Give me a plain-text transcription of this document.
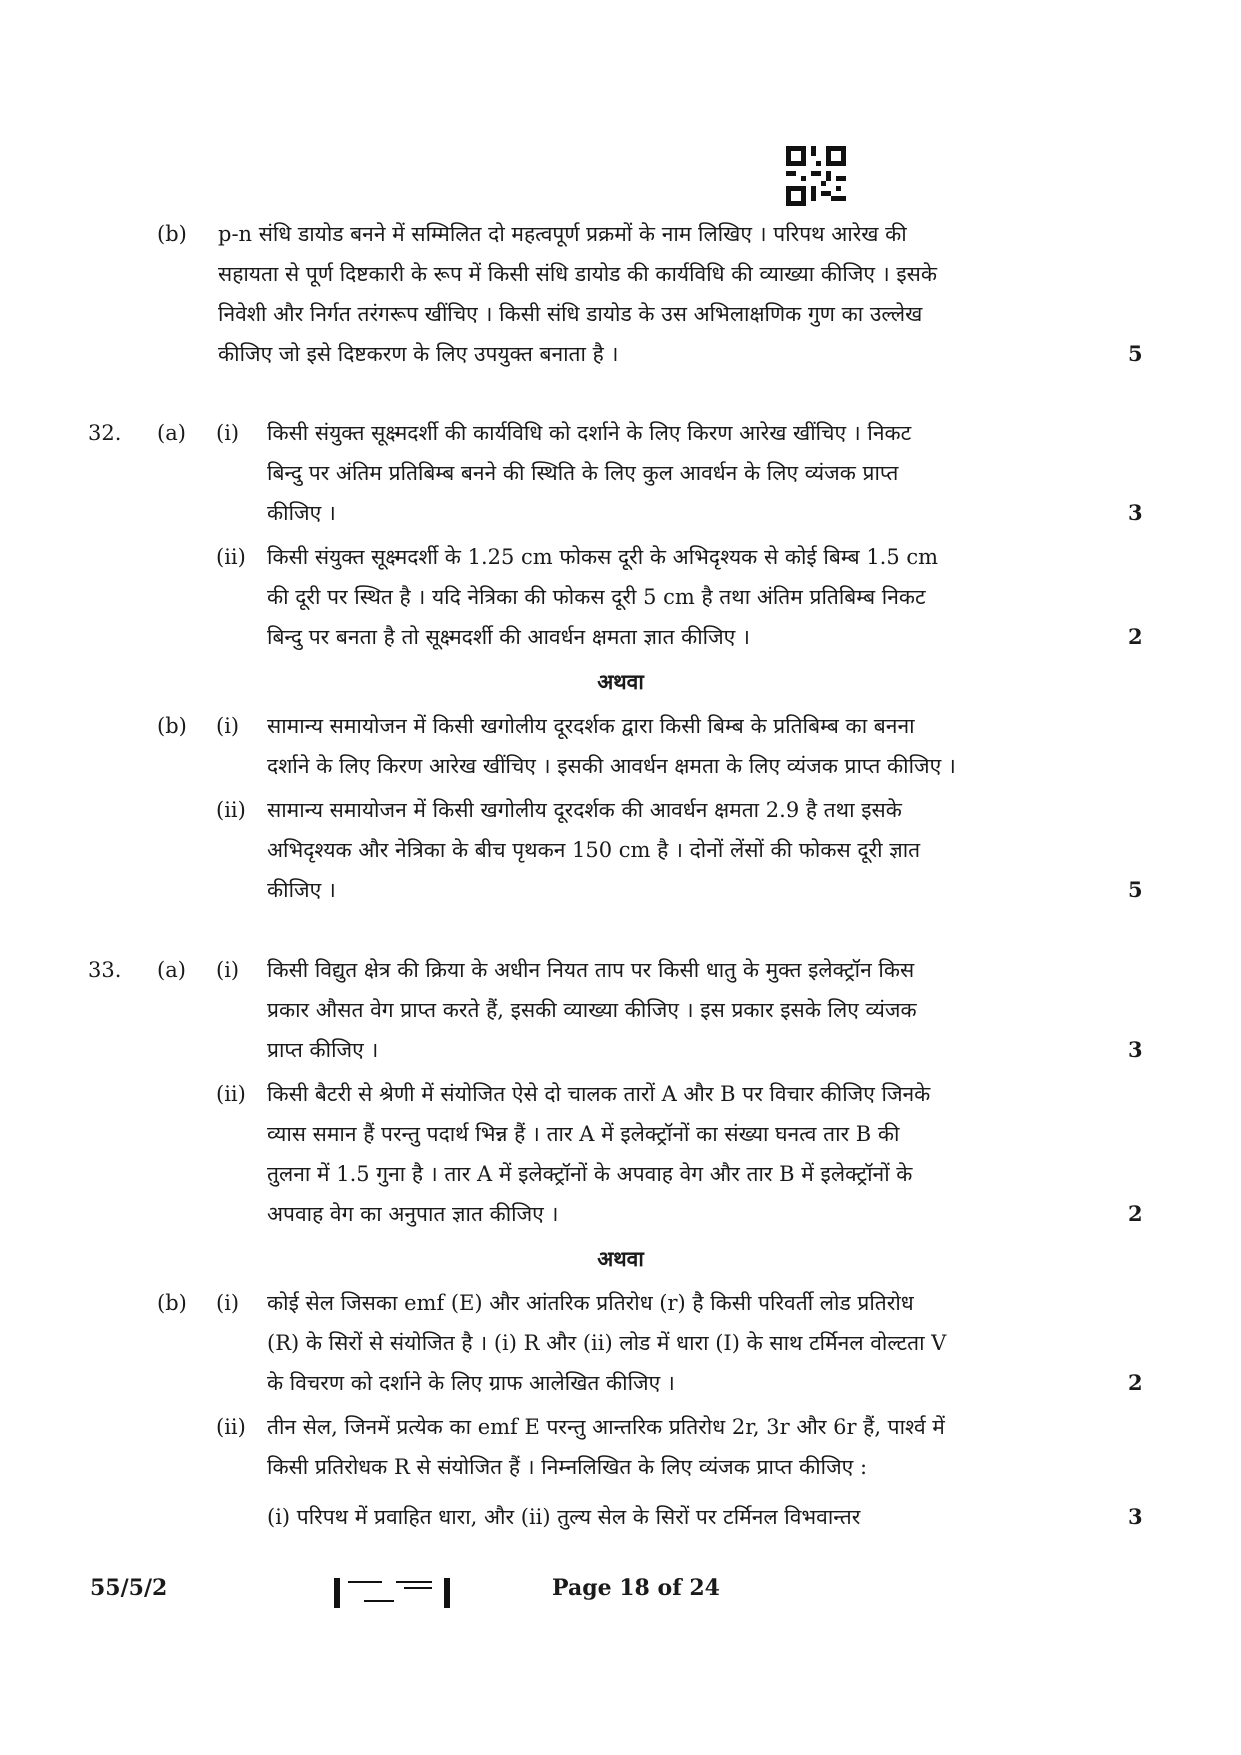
(b) p-n संधि डायोड बनने में सम्मिलित दो महत्वपूर्ण प्रक्रमों के नाम लिखिए । परिपथ आरेख की
सहायता से पूर्ण दिष्टकारी के रूप में किसी संधि डायोड की कार्यविधि की व्याख्या कीजिए । इसके
निवेशी और निर्गत तरंगरूप खींचिए । किसी संधि डायोड के उस अभिलाक्षणिक गुण का उल्लेख
कीजिए जो इसे दिष्टकरण के लिए उपयुक्त बनाता है ।	5
32. (a) (i) किसी संयुक्त सूक्ष्मदर्शी की कार्यविधि को दर्शाने के लिए किरण आरेख खींचिए । निकट
बिन्दु पर अंतिम प्रतिबिम्ब बनने की स्थिति के लिए कुल आवर्धन के लिए व्यंजक प्राप्त
कीजिए ।	3
(ii) किसी संयुक्त सूक्ष्मदर्शी के 1.25 cm फोकस दूरी के अभिदृश्यक से कोई बिम्ब 1.5 cm
की दूरी पर स्थित है । यदि नेत्रिका की फोकस दूरी 5 cm है तथा अंतिम प्रतिबिम्ब निकट
बिन्दु पर बनता है तो सूक्ष्मदर्शी की आवर्धन क्षमता ज्ञात कीजिए ।	2
अथवा
(b) (i) सामान्य समायोजन में किसी खगोलीय दूरदर्शक द्वारा किसी बिम्ब के प्रतिबिम्ब का बनना
दर्शाने के लिए किरण आरेख खींचिए । इसकी आवर्धन क्षमता के लिए व्यंजक प्राप्त कीजिए ।
(ii) सामान्य समायोजन में किसी खगोलीय दूरदर्शक की आवर्धन क्षमता 2.9 है तथा इसके
अभिदृश्यक और नेत्रिका के बीच पृथकन 150 cm है । दोनों लेंसों की फोकस दूरी ज्ञात
कीजिए ।	5
33. (a) (i) किसी विद्युत क्षेत्र की क्रिया के अधीन नियत ताप पर किसी धातु के मुक्त इलेक्ट्रॉन किस
प्रकार औसत वेग प्राप्त करते हैं, इसकी व्याख्या कीजिए । इस प्रकार इसके लिए व्यंजक
प्राप्त कीजिए ।	3
(ii) किसी बैटरी से श्रेणी में संयोजित ऐसे दो चालक तारों A और B पर विचार कीजिए जिनके
व्यास समान हैं परन्तु पदार्थ भिन्न हैं । तार A में इलेक्ट्रॉनों का संख्या घनत्व तार B की
तुलना में 1.5 गुना है । तार A में इलेक्ट्रॉनों के अपवाह वेग और तार B में इलेक्ट्रॉनों के
अपवाह वेग का अनुपात ज्ञात कीजिए ।	2
अथवा
(b) (i) कोई सेल जिसका emf (E) और आंतरिक प्रतिरोध (r) है किसी परिवर्ती लोड प्रतिरोध
(R) के सिरों से संयोजित है । (i) R और (ii) लोड में धारा (I) के साथ टर्मिनल वोल्टता V
के विचरण को दर्शाने के लिए ग्राफ आलेखित कीजिए ।	2
(ii) तीन सेल, जिनमें प्रत्येक का emf E परन्तु आन्तरिक प्रतिरोध 2r, 3r और 6r हैं, पार्श्व में
किसी प्रतिरोधक R से संयोजित हैं । निम्नलिखित के लिए व्यंजक प्राप्त कीजिए :
(i) परिपथ में प्रवाहित धारा, और (ii) तुल्य सेल के सिरों पर टर्मिनल विभवान्तर	3
55/5/2	Page 18 of 24
